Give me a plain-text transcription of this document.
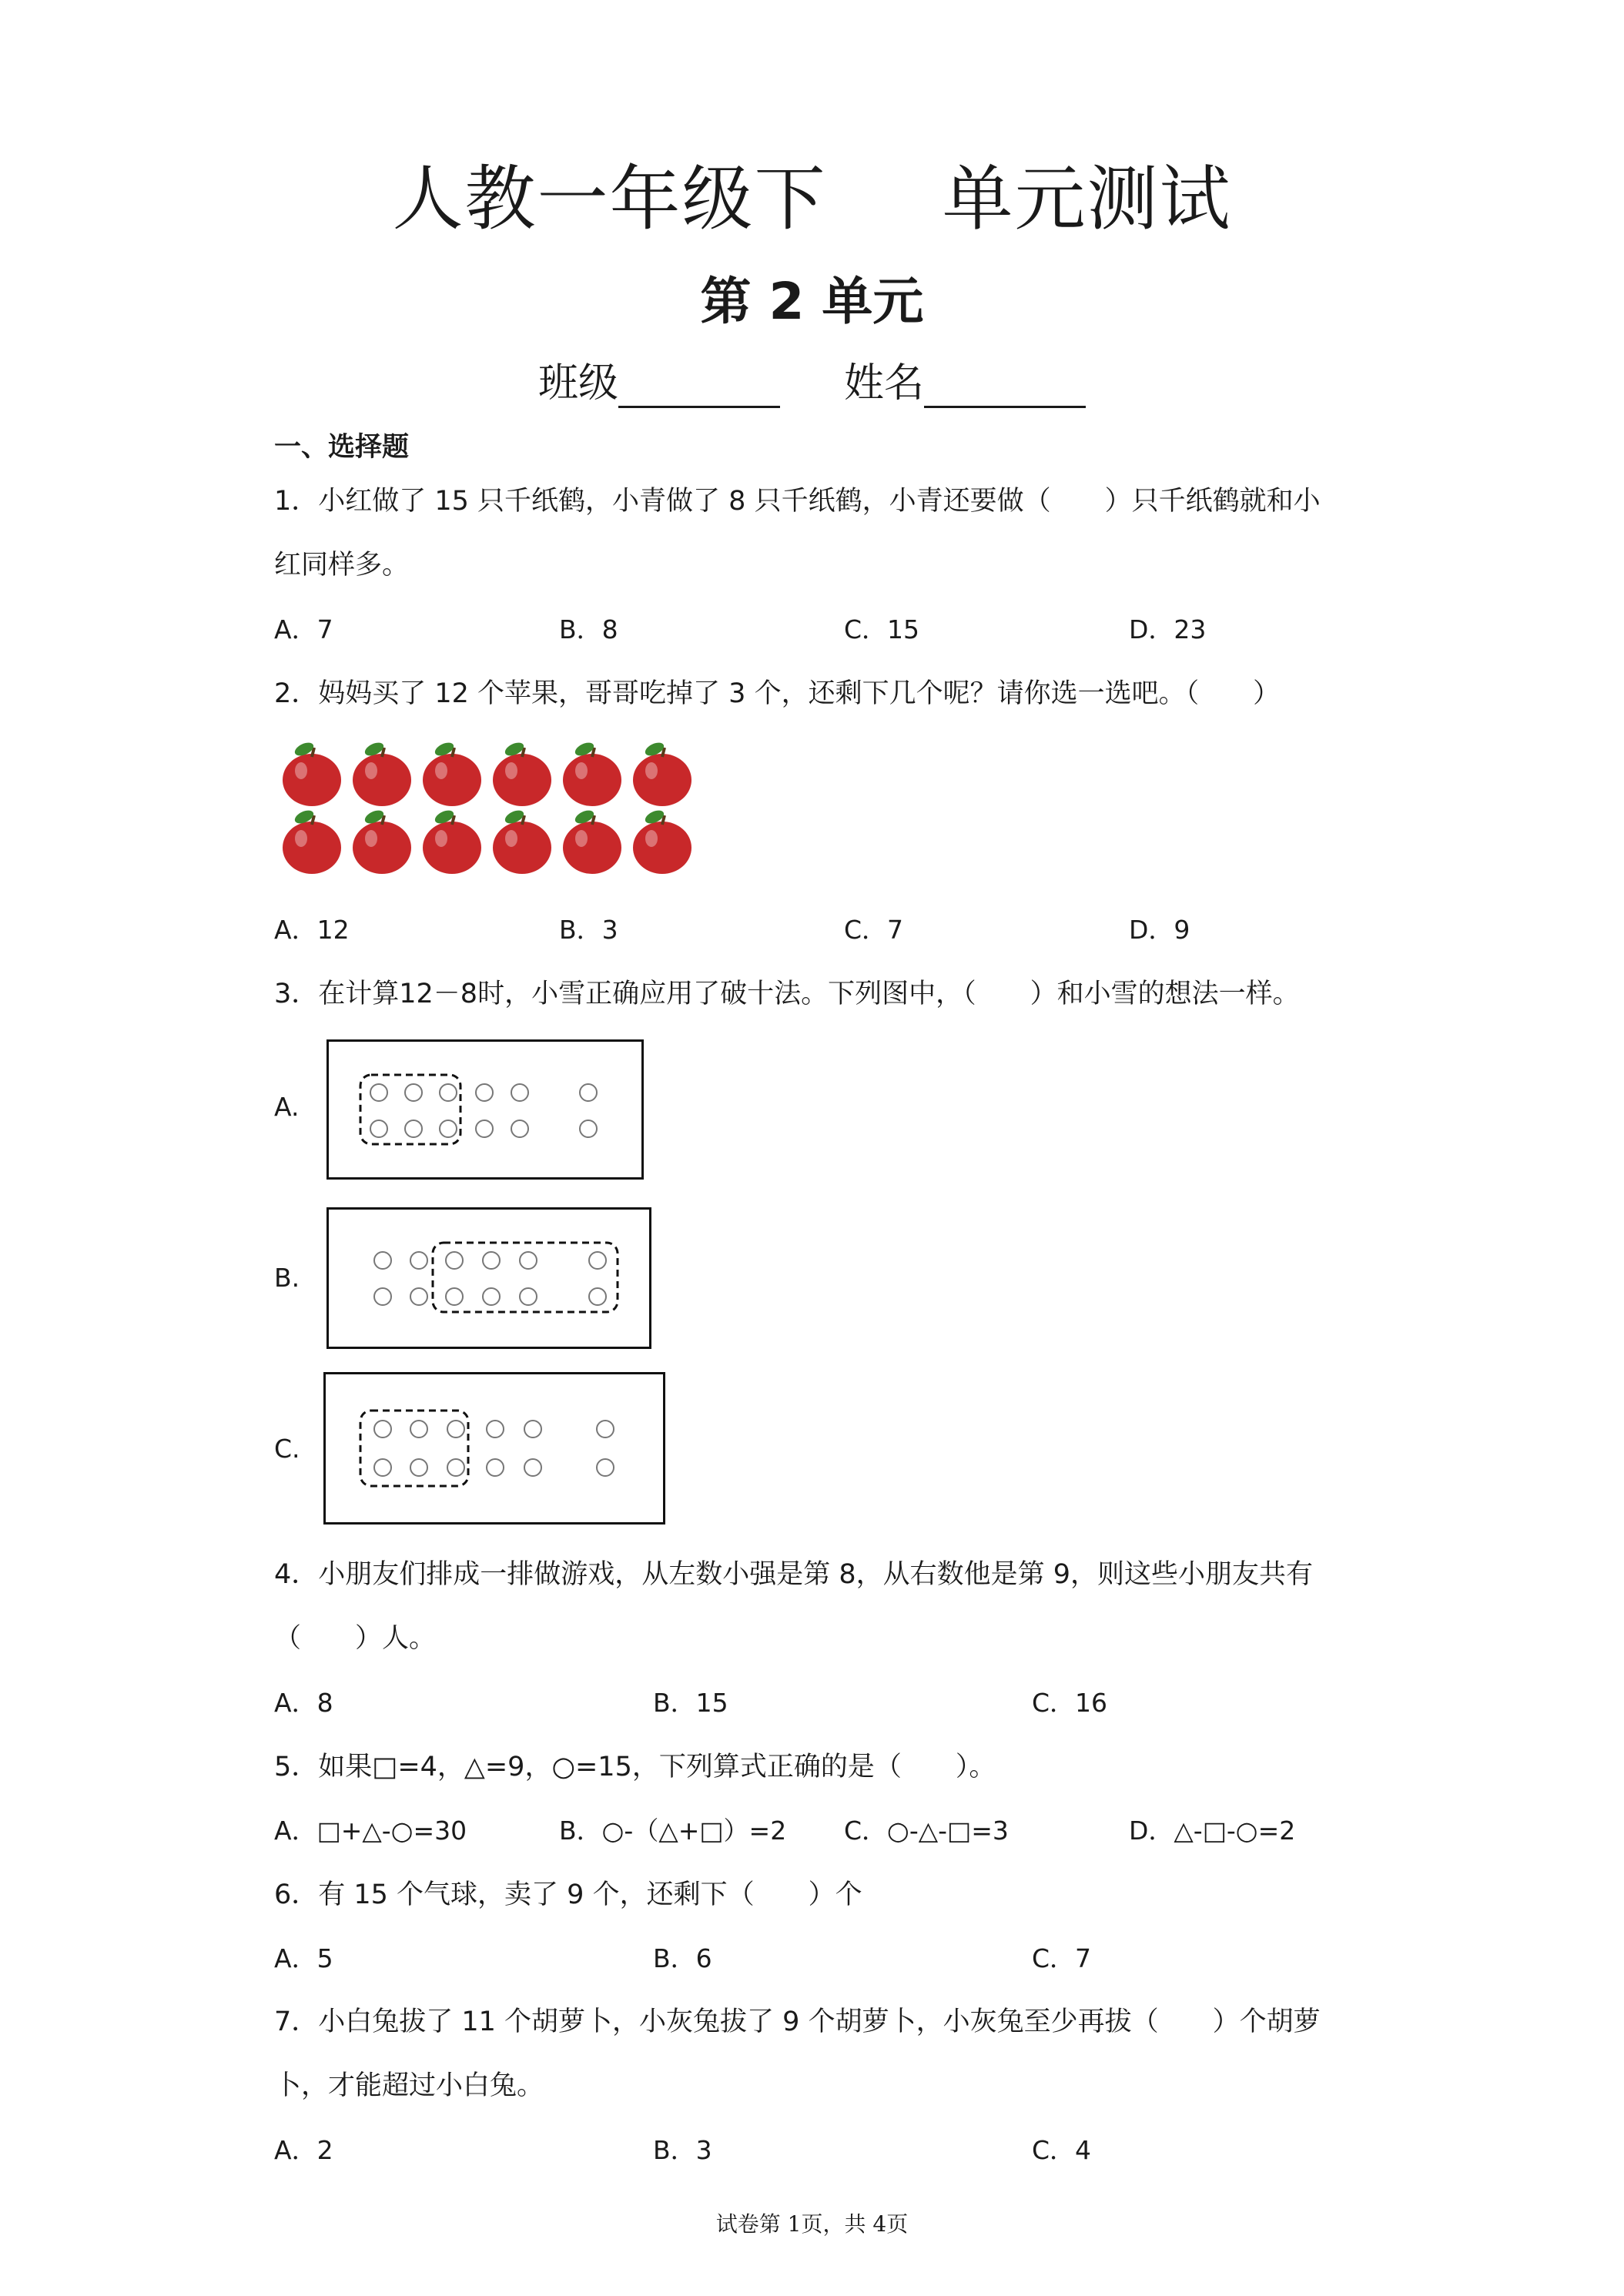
人教一年级下 单元测试
第 2 单元
班级	姓名
一、选择题
1．小红做了 15 只千纸鹤，小青做了 8 只千纸鹤，小青还要做（　　）只千纸鹤就和小
红同样多。
A．7	B．8	C．15	D．23
2．妈妈买了 12 个苹果，哥哥吃掉了 3 个，还剩下几个呢？请你选一选吧。（　　）
A．12	B．3	C．7	D．9
3．在计算12－8时，小雪正确应用了破十法。下列图中，（　　）和小雪的想法一样。
A.
B.
C.
4．小朋友们排成一排做游戏，从左数小强是第 8，从右数他是第 9，则这些小朋友共有
（　　）人。
A．8	B．15	C．16
5．如果□=4，△=9，○=15，下列算式正确的是（　　）。
A．□+△-○=30	B．○-（△+□）=2 C．○-△-□=3	D．△-□-○=2
6．有 15 个气球，卖了 9 个，还剩下（　　）个
A．5	B．6	C．7
7．小白兔拔了 11 个胡萝卜，小灰兔拔了 9 个胡萝卜，小灰兔至少再拔（　　）个胡萝
卜，才能超过小白兔。
A．2	B．3	C．4
试卷第 1页，共 4页
